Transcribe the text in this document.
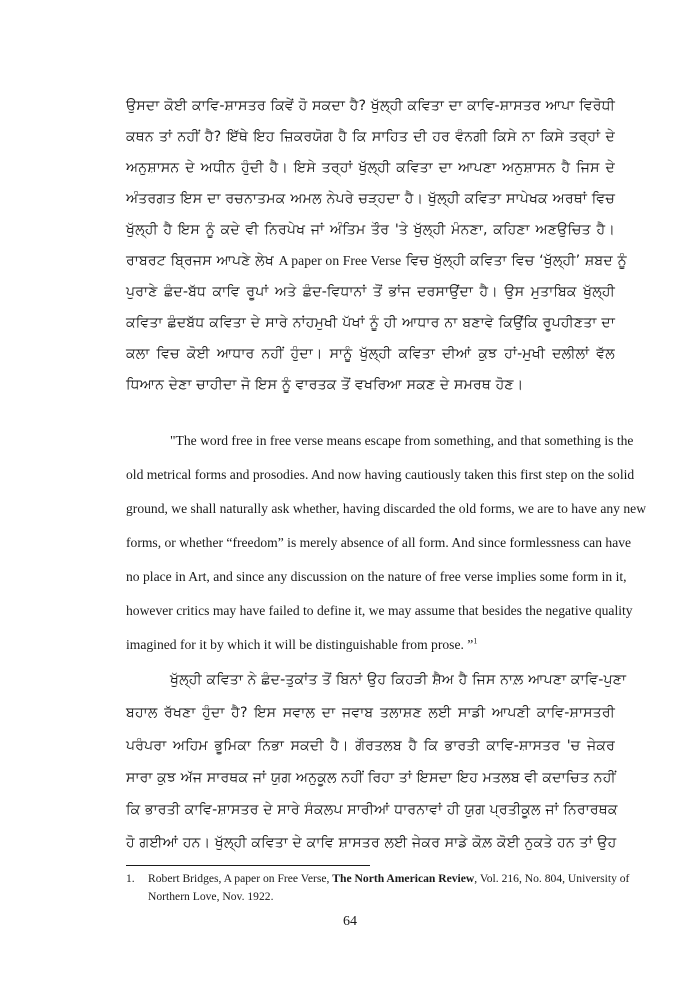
ਉਸਦਾ ਕੋਈ ਕਾਵਿ-ਸ਼ਾਸਤਰ ਕਿਵੇਂ ਹੋ ਸਕਦਾ ਹੈ? ਖੁੱਲ੍ਹੀ ਕਵਿਤਾ ਦਾ ਕਾਵਿ-ਸ਼ਾਸਤਰ ਆਪਾ ਵਿਰੋਧੀ
ਕਥਨ ਤਾਂ ਨਹੀਂ ਹੈ? ਇੱਥੇ ਇਹ ਜ਼ਿਕਰਯੋਗ ਹੈ ਕਿ ਸਾਹਿਤ ਦੀ ਹਰ ਵੰਨਗੀ ਕਿਸੇ ਨਾ ਕਿਸੇ ਤਰ੍ਹਾਂ ਦੇ
ਅਨੁਸ਼ਾਸਨ ਦੇ ਅਧੀਨ ਹੁੰਦੀ ਹੈ। ਇਸੇ ਤਰ੍ਹਾਂ ਖੁੱਲ੍ਹੀ ਕਵਿਤਾ ਦਾ ਆਪਣਾ ਅਨੁਸ਼ਾਸਨ ਹੈ ਜਿਸ ਦੇ
ਅੰਤਰਗਤ ਇਸ ਦਾ ਰਚਨਾਤਮਕ ਅਮਲ ਨੇਪਰੇ ਚੜ੍ਹਦਾ ਹੈ। ਖੁੱਲ੍ਹੀ ਕਵਿਤਾ ਸਾਪੇਖਕ ਅਰਥਾਂ ਵਿਚ
ਖੁੱਲ੍ਹੀ ਹੈ ਇਸ ਨੂੰ ਕਦੇ ਵੀ ਨਿਰਪੇਖ ਜਾਂ ਅੰਤਿਮ ਤੌਰ 'ਤੇ ਖੁੱਲ੍ਹੀ ਮੰਨਣਾ, ਕਹਿਣਾ ਅਣਉਚਿਤ ਹੈ।
ਰਾਬਰਟ ਬ੍ਰਿਜਸ ਆਪਣੇ ਲੇਖ A paper on Free Verse ਵਿਚ ਖੁੱਲ੍ਹੀ ਕਵਿਤਾ ਵਿਚ ‘ਖੁੱਲ੍ਹੀ’ ਸ਼ਬਦ ਨੂੰ
ਪੁਰਾਣੇ ਛੰਦ-ਬੱਧ ਕਾਵਿ ਰੂਪਾਂ ਅਤੇ ਛੰਦ-ਵਿਧਾਨਾਂ ਤੋਂ ਭਾਂਜ ਦਰਸਾਉਂਦਾ ਹੈ। ਉਸ ਮੁਤਾਬਿਕ ਖੁੱਲ੍ਹੀ
ਕਵਿਤਾ ਛੰਦਬੱਧ ਕਵਿਤਾ ਦੇ ਸਾਰੇ ਨਾਂਹਮੁਖੀ ਪੱਖਾਂ ਨੂੰ ਹੀ ਆਧਾਰ ਨਾ ਬਣਾਵੇ ਕਿਉਂਕਿ ਰੂਪਹੀਣਤਾ ਦਾ
ਕਲਾ ਵਿਚ ਕੋਈ ਆਧਾਰ ਨਹੀਂ ਹੁੰਦਾ। ਸਾਨੂੰ ਖੁੱਲ੍ਹੀ ਕਵਿਤਾ ਦੀਆਂ ਕੁਝ ਹਾਂ-ਮੁਖੀ ਦਲੀਲਾਂ ਵੱਲ
ਧਿਆਨ ਦੇਣਾ ਚਾਹੀਦਾ ਜੋ ਇਸ ਨੂੰ ਵਾਰਤਕ ਤੋਂ ਵਖਰਿਆ ਸਕਣ ਦੇ ਸਮਰਥ ਹੋਣ।
"The word free in free verse means escape from something, and that something is the
old metrical forms and prosodies. And now having cautiously taken this first step on the solid
ground, we shall naturally ask whether, having discarded the old forms, we are to have any new
forms, or whether “freedom” is merely absence of all form. And since formlessness can have
no place in Art, and since any discussion on the nature of free verse implies some form in it,
however critics may have failed to define it, we may assume that besides the negative quality
imagined for it by which it will be distinguishable from prose. ”$^1$
ਖੁੱਲ੍ਹੀ ਕਵਿਤਾ ਨੇ ਛੰਦ-ਤੁਕਾਂਤ ਤੋਂ ਬਿਨਾਂ ਉਹ ਕਿਹੜੀ ਸ਼ੈਅ ਹੈ ਜਿਸ ਨਾਲ਼ ਆਪਣਾ ਕਾਵਿ-ਪੁਣਾ
ਬਹਾਲ ਰੱਖਣਾ ਹੁੰਦਾ ਹੈ? ਇਸ ਸਵਾਲ ਦਾ ਜਵਾਬ ਤਲਾਸ਼ਣ ਲਈ ਸਾਡੀ ਆਪਣੀ ਕਾਵਿ-ਸ਼ਾਸਤਰੀ
ਪਰੰਪਰਾ ਅਹਿਮ ਭੂਮਿਕਾ ਨਿਭਾ ਸਕਦੀ ਹੈ। ਗੌਰਤਲਬ ਹੈ ਕਿ ਭਾਰਤੀ ਕਾਵਿ-ਸ਼ਾਸਤਰ 'ਚ ਜੇਕਰ
ਸਾਰਾ ਕੁਝ ਅੱਜ ਸਾਰਥਕ ਜਾਂ ਯੁਗ ਅਨੁਕੂਲ ਨਹੀਂ ਰਿਹਾ ਤਾਂ ਇਸਦਾ ਇਹ ਮਤਲਬ ਵੀ ਕਦਾਚਿਤ ਨਹੀਂ
ਕਿ ਭਾਰਤੀ ਕਾਵਿ-ਸ਼ਾਸਤਰ ਦੇ ਸਾਰੇ ਸੰਕਲਪ ਸਾਰੀਆਂ ਧਾਰਨਾਵਾਂ ਹੀ ਯੁਗ ਪ੍ਰਤੀਕੂਲ ਜਾਂ ਨਿਰਾਰਥਕ
ਹੋ ਗਈਆਂ ਹਨ। ਖੁੱਲ੍ਹੀ ਕਵਿਤਾ ਦੇ ਕਾਵਿ ਸ਼ਾਸਤਰ ਲਈ ਜੇਕਰ ਸਾਡੇ ਕੋਲ਼ ਕੋਈ ਨੁਕਤੇ ਹਨ ਤਾਂ ਉਹ
1. Robert Bridges, A paper on Free Verse, The North American Review, Vol. 216, No. 804, University of
Northern Love, Nov. 1922.
64
